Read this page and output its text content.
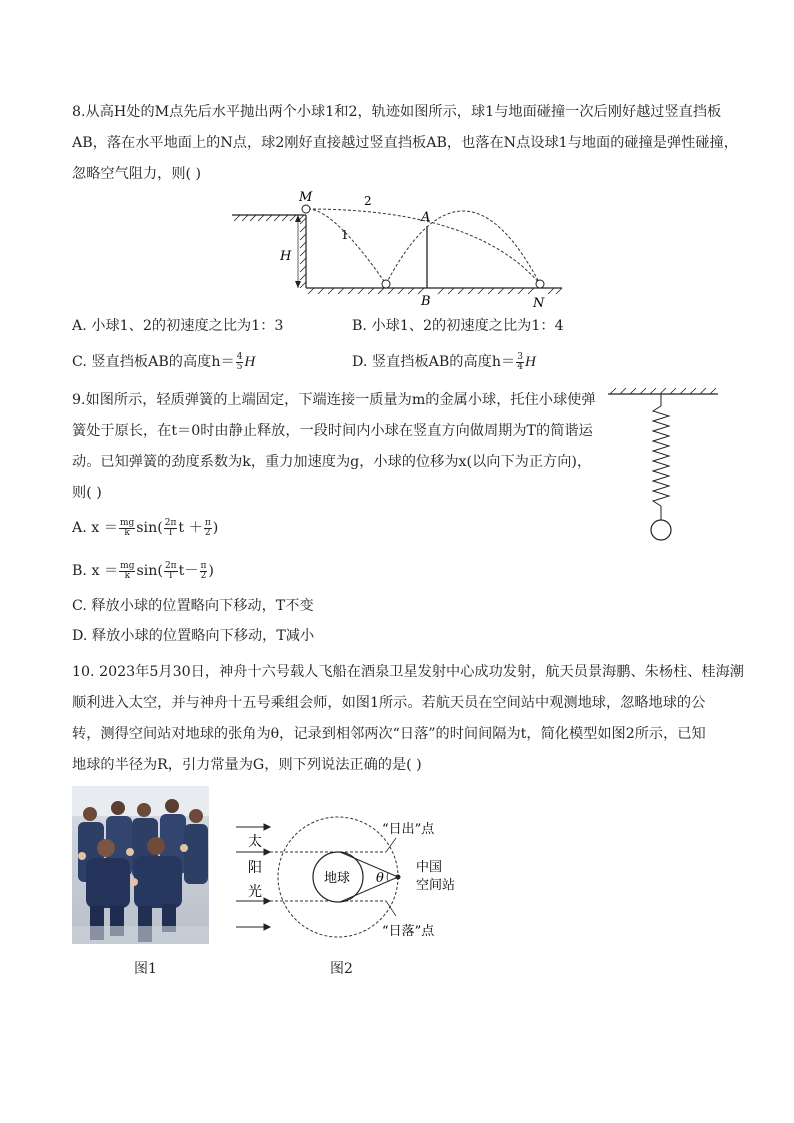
8.从高H处的M点先后水平抛出两个小球1和2，轨迹如图所示，球1与地面碰撞一次后刚好越过竖直挡板
AB，落在水平地面上的N点，球2刚好直接越过竖直挡板AB，也落在N点设球1与地面的碰撞是弹性碰撞，
忽略空气阻力，则( )
H
M	2
1
A
B	N
A. 小球1、2的初速度之比为1：3	B. 小球1、2的初速度之比为1：4
C. 竖直挡板AB的高度$h= \frac{4}{5}$ H	D. 竖直挡板AB的高度$h= \frac{3}{4}$ H
9.如图所示，轻质弹簧的上端固定，下端连接一质量为m的金属小球，托住小球使弹
簧处于原长，在t＝0时由静止释放，一段时间内小球在竖直方向做周期为T的简谐运
动。已知弹簧的劲度系数为k，重力加速度为g，小球的位移为x(以向下为正方向)，
则( )
A. $x = \frac{mg}{k} \sin( \frac{2\pi}{T}$ $t + \frac{\pi}{2}$ )
B. $x = \frac{mg}{k} \sin( \frac{2\pi}{T} t- \frac{\pi}{2}$ )
C. 释放小球的位置略向下移动，T不变
D. 释放小球的位置略向下移动，T减小
10. 2023年5月30日，神舟十六号载人飞船在酒泉卫星发射中心成功发射，航天员景海鹏、朱杨柱、桂海潮
顺利进入太空，并与神舟十五号乘组会师，如图1所示。若航天员在空间站中观测地球，忽略地球的公
转，测得空间站对地球的张角为θ，记录到相邻两次“日落”的时间间隔为t，简化模型如图2所示，已知
地球的半径为R，引力常量为G，则下列说法正确的是( )
图1
太
阳
光
地球 θ
“日出”点
“日落”点
中国
空间站
图2
